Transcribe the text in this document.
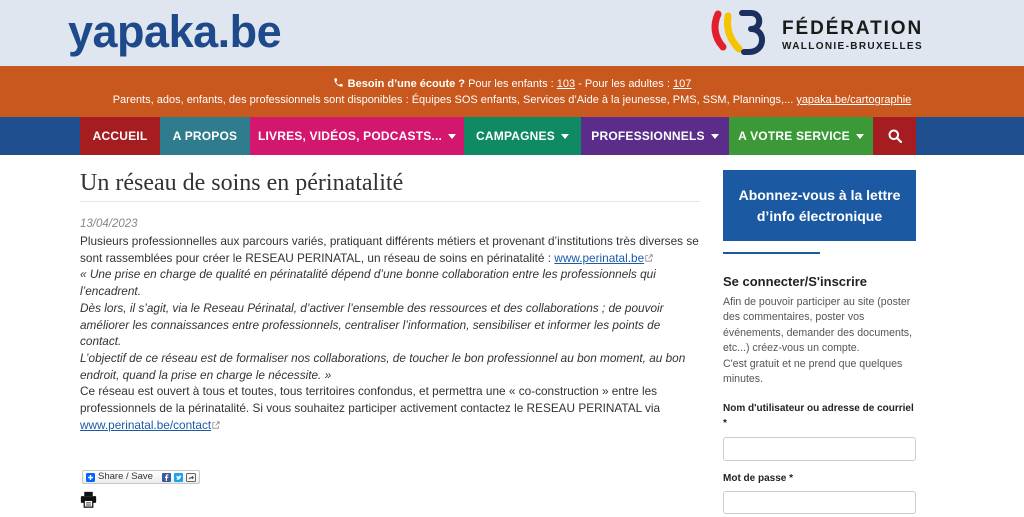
yapaka.be	FÉDÉRATION
WALLONIE-BRUXELLES
Besoin d’une écoute ? Pour les enfants : 103 - Pour les adultes : 107
Parents, ados, enfants, des professionnels sont disponibles : Équipes SOS enfants, Services d’Aide à la jeunesse, PMS, SSM, Plannings,... yapaka.be/cartographie
ACCUEIL A PROPOS LIVRES, VIDÉOS, PODCASTS...	CAMPAGNES	PROFESSIONNELS	A VOTRE SERVICE
Un réseau de soins en périnatalité
13/04/2023
Plusieurs professionnelles aux parcours variés, pratiquant différents métiers et provenant d’institutions très diverses se sont rassemblées pour créer le RESEAU PERINATAL, un réseau de soins en périnatalité : www.perinatal.be
« Une prise en charge de qualité en périnatalité dépend d’une bonne collaboration entre les professionnels qui l’encadrent.
Dès lors, il s’agit, via le Reseau Périnatal, d’activer l’ensemble des ressources et des collaborations ; de pouvoir améliorer les connaissances entre professionnels, centraliser l’information, sensibiliser et informer les points de contact.
L’objectif de ce réseau est de formaliser nos collaborations, de toucher le bon professionnel au bon moment, au bon endroit, quand la prise en charge le nécessite. »
Ce réseau est ouvert à tous et toutes, tous territoires confondus, et permettra une « co-construction » entre les professionnels de la périnatalité. Si vous souhaitez participer activement contactez le RESEAU PERINATAL via www.perinatal.be/contact
Share / Save
Abonnez-vous à la lettre d’info électronique
Se connecter/S'inscrire
Afin de pouvoir participer au site (poster des commentaires, poster vos événements, demander des documents, etc...) créez-vous un compte.
C'est gratuit et ne prend que quelques minutes.
Nom d'utilisateur ou adresse de courriel *
Mot de passe *
